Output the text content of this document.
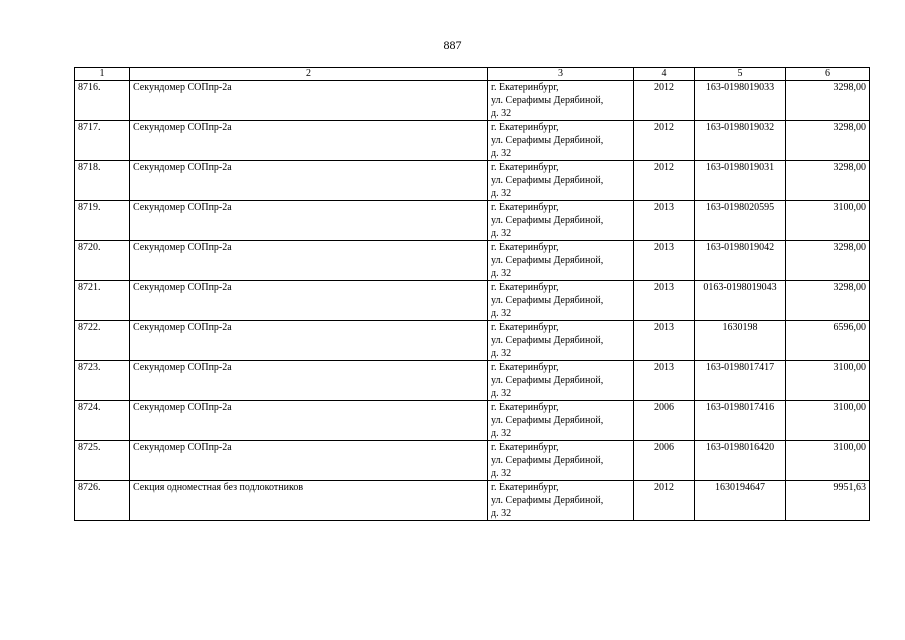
887
1	2	3	4	5	6
8716.	Секундомер СОПпр-2а	г. Екатеринбург,
ул. Серафимы Дерябиной,
д. 32	2012	163-0198019033	3298,00
8717.	Секундомер СОПпр-2а	г. Екатеринбург,
ул. Серафимы Дерябиной,
д. 32	2012	163-0198019032	3298,00
8718.	Секундомер СОПпр-2а	г. Екатеринбург,
ул. Серафимы Дерябиной,
д. 32	2012	163-0198019031	3298,00
8719.	Секундомер СОПпр-2а	г. Екатеринбург,
ул. Серафимы Дерябиной,
д. 32	2013	163-0198020595	3100,00
8720.	Секундомер СОПпр-2а	г. Екатеринбург,
ул. Серафимы Дерябиной,
д. 32	2013	163-0198019042	3298,00
8721.	Секундомер СОПпр-2а	г. Екатеринбург,
ул. Серафимы Дерябиной,
д. 32	2013	0163-0198019043	3298,00
8722.	Секундомер СОПпр-2а	г. Екатеринбург,
ул. Серафимы Дерябиной,
д. 32	2013	1630198	6596,00
8723.	Секундомер СОПпр-2а	г. Екатеринбург,
ул. Серафимы Дерябиной,
д. 32	2013	163-0198017417	3100,00
8724.	Секундомер СОПпр-2а	г. Екатеринбург,
ул. Серафимы Дерябиной,
д. 32	2006	163-0198017416	3100,00
8725.	Секундомер СОПпр-2а	г. Екатеринбург,
ул. Серафимы Дерябиной,
д. 32	2006	163-0198016420	3100,00
8726.	Секция одноместная без подлокотников	г. Екатеринбург,
ул. Серафимы Дерябиной,
д. 32	2012	1630194647	9951,63
